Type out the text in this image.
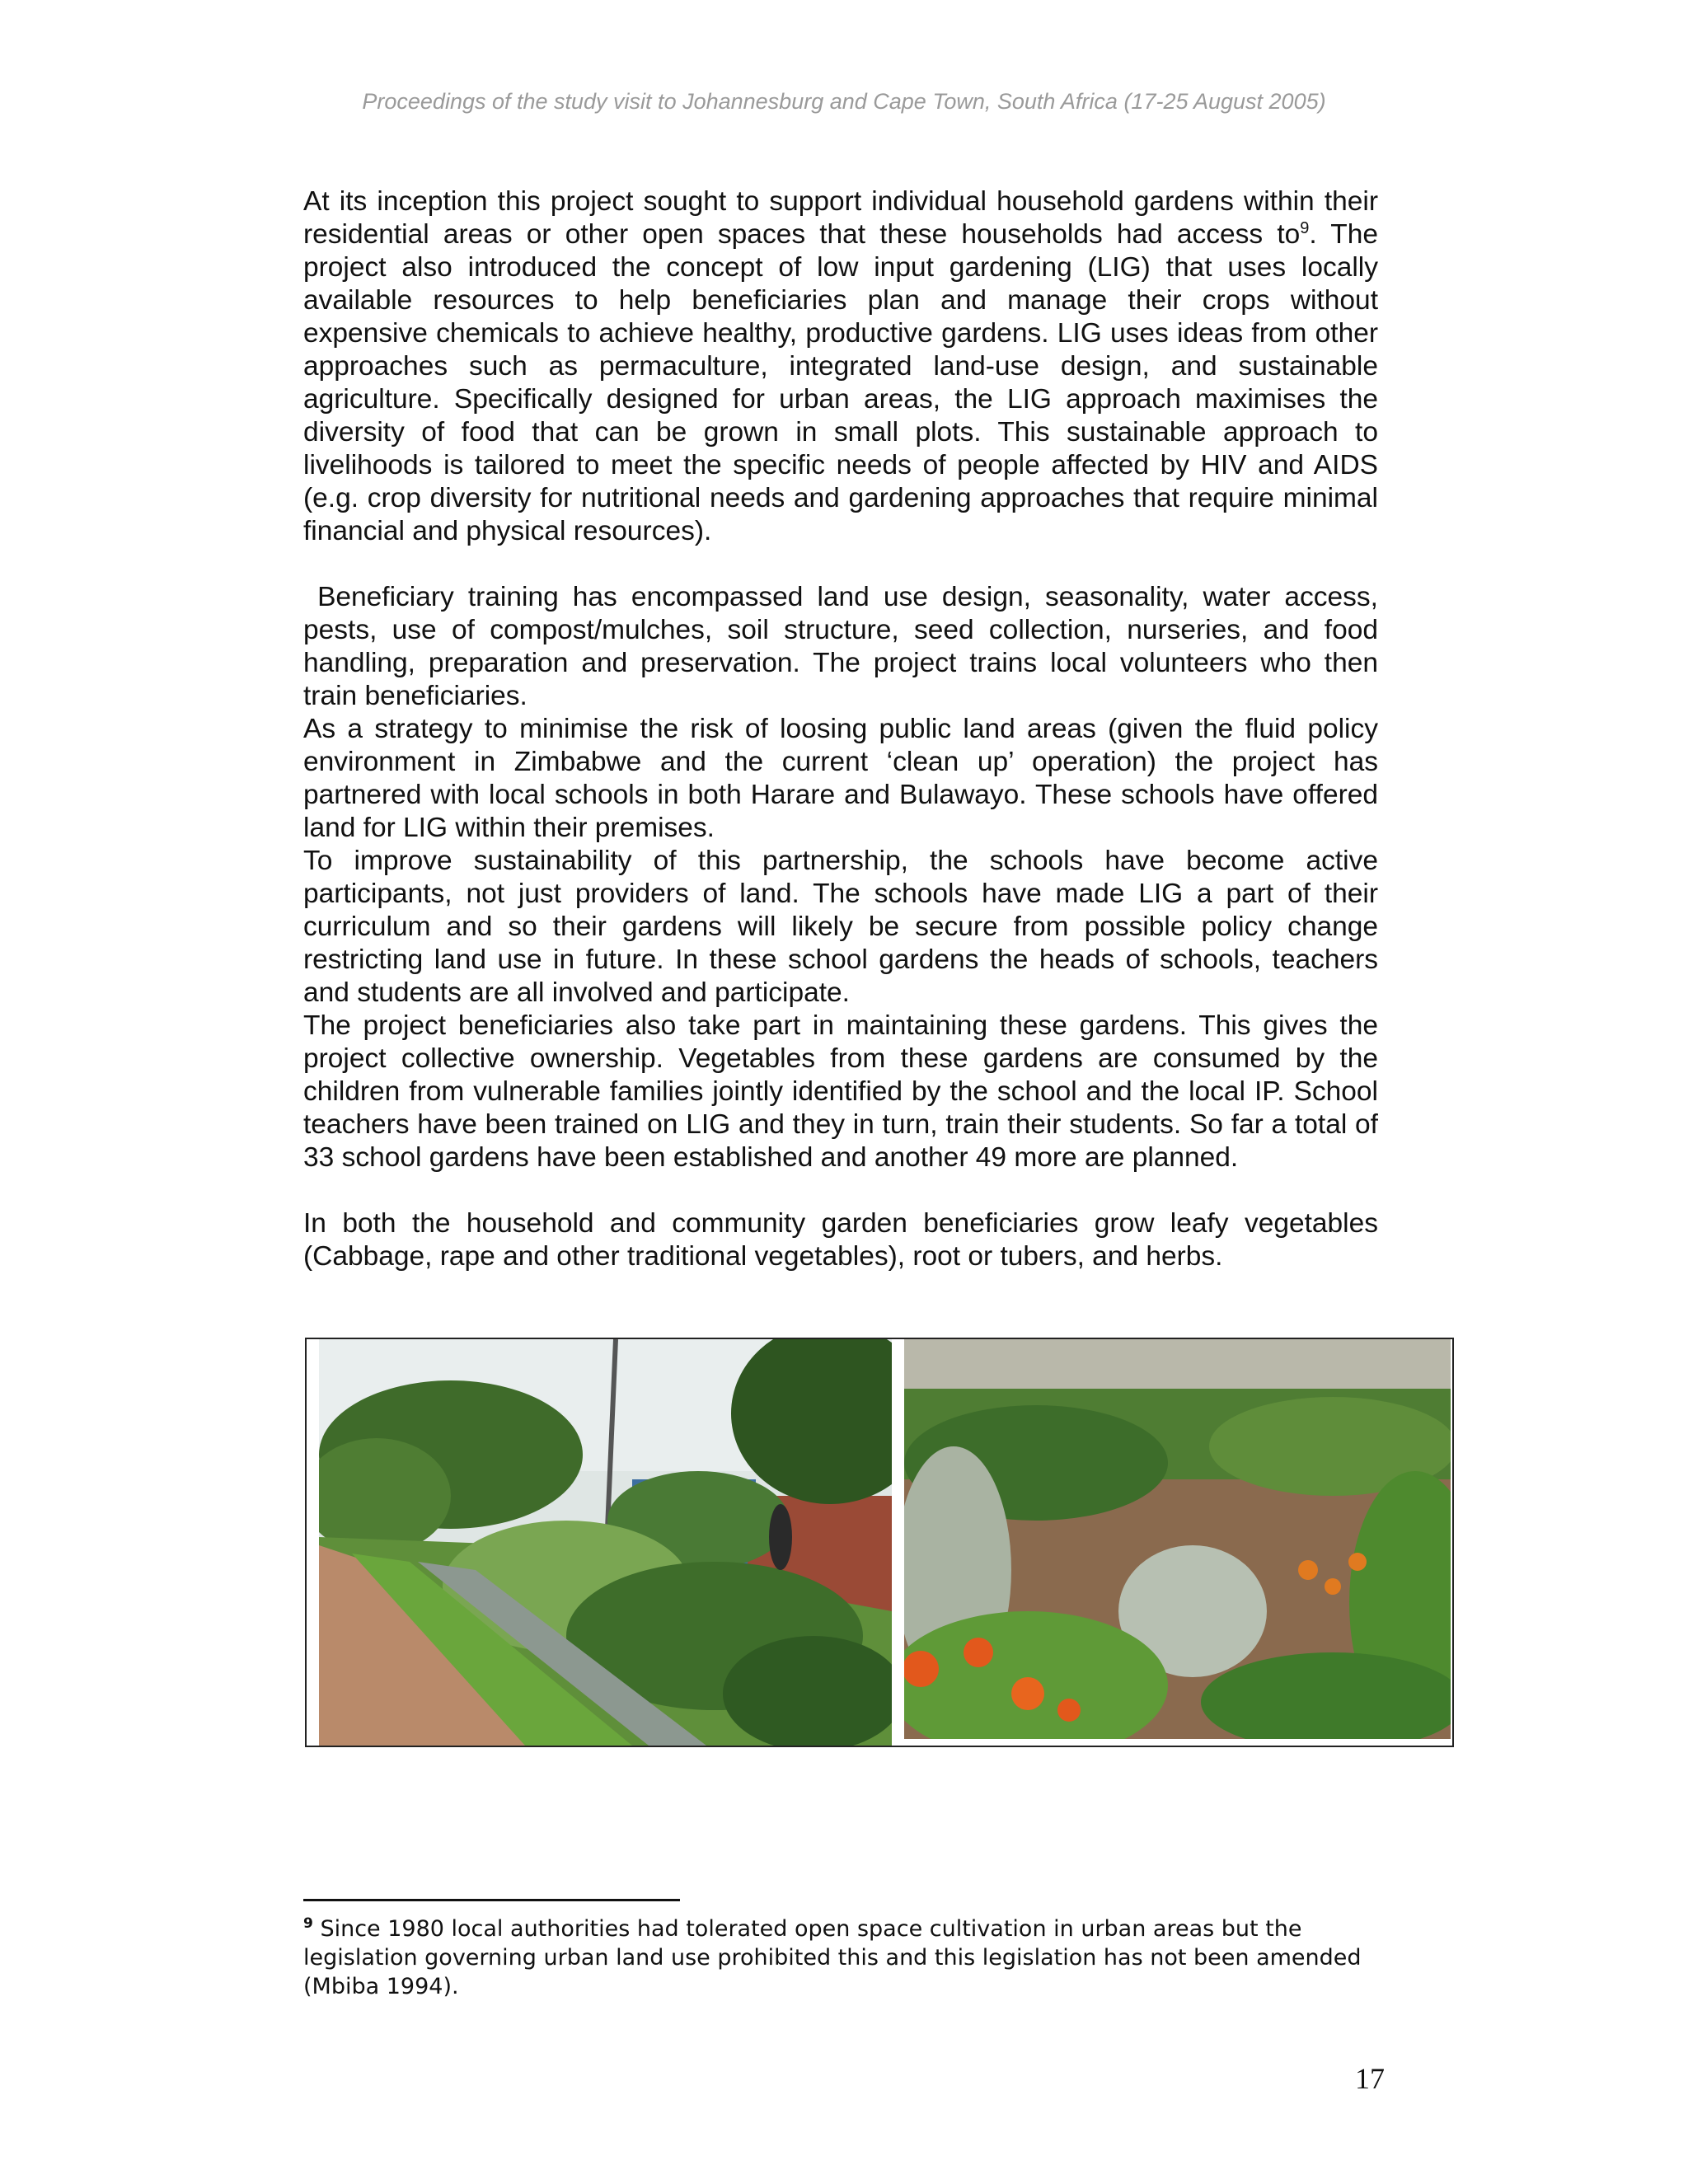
Proceedings of the study visit to Johannesburg and Cape Town, South Africa (17-25 August 2005)

At its inception this project sought to support individual household gardens within their residential areas or other open spaces that these households had access $to^9$. The project also introduced the concept of low input gardening (LIG) that uses locally available resources to help beneficiaries plan and manage their crops without expensive chemicals to achieve healthy, productive gardens. LIG uses ideas from other approaches such as permaculture, integrated land-use design, and sustainable agriculture. Specifically designed for urban areas, the LIG approach maximises the diversity of food that can be grown in small plots. This sustainable approach to livelihoods is tailored to meet the specific needs of people affected by HIV and AIDS (e.g. crop diversity for nutritional needs and gardening approaches that require minimal financial and physical resources).

Beneficiary training has encompassed land use design, seasonality, water access, pests, use of compost/mulches, soil structure, seed collection, nurseries, and food handling, preparation and preservation. The project trains local volunteers who then train beneficiaries.

As a strategy to minimise the risk of loosing public land areas (given the fluid policy environment in Zimbabwe and the current ‘clean up’ operation) the project has partnered with local schools in both Harare and Bulawayo. These schools have offered land for LIG within their premises.

To improve sustainability of this partnership, the schools have become active participants, not just providers of land. The schools have made LIG a part of their curriculum and so their gardens will likely be secure from possible policy change restricting land use in future. In these school gardens the heads of schools, teachers and students are all involved and participate.

The project beneficiaries also take part in maintaining these gardens. This gives the project collective ownership. Vegetables from these gardens are consumed by the children from vulnerable families jointly identified by the school and the local IP. School teachers have been trained on LIG and they in turn, train their students. So far a total of 33 school gardens have been established and another 49 more are planned.

In both the household and community garden beneficiaries grow leafy vegetables (Cabbage, rape and other traditional vegetables), root or tubers, and herbs.

$^9$ Since 1980 local authorities had tolerated open space cultivation in urban areas but the legislation governing urban land use prohibited this and this legislation has not been amended (Mbiba 1994).
17
